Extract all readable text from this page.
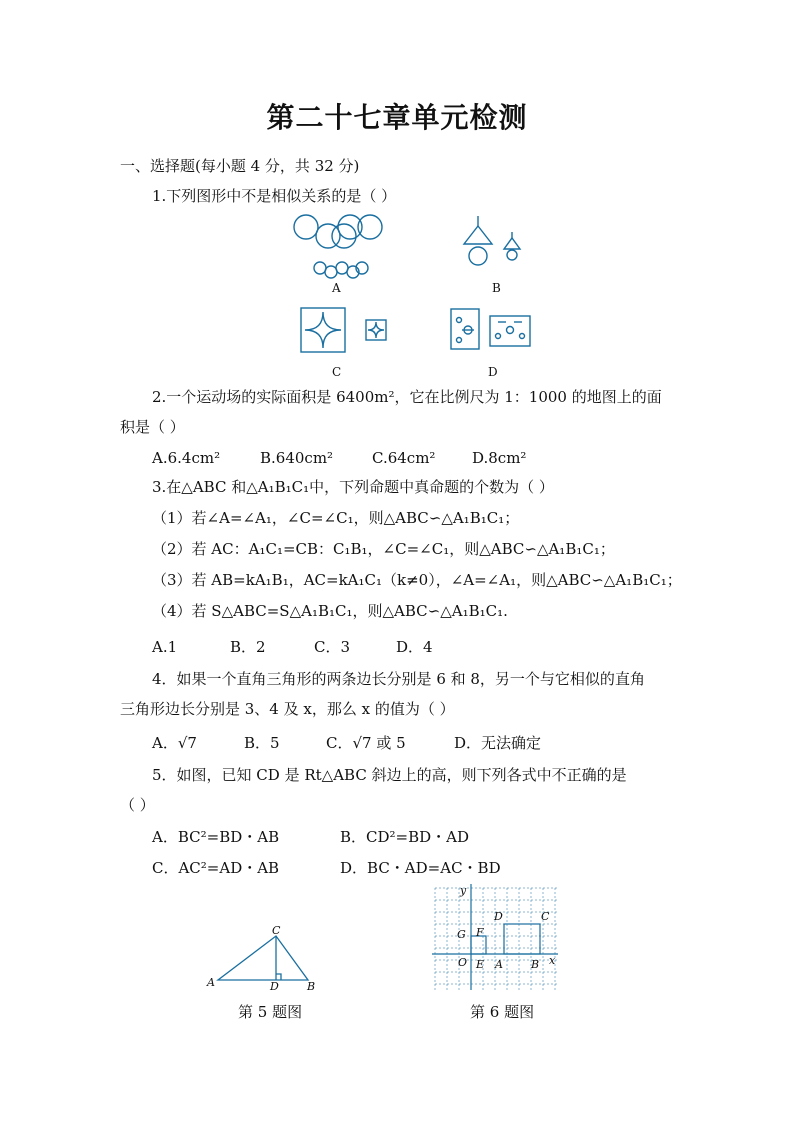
第二十七章单元检测
一、选择题(每小题 4 分，共 32 分)
1.下列图形中不是相似关系的是（ ）
A	B
C	D
2.一个运动场的实际面积是 6400m²，它在比例尺为 1：1000 的地图上的面
积是（ ）
A.6.4cm²	B.640cm²	C.64cm² D.8cm²
3.在△ABC 和△A₁B₁C₁中，下列命题中真命题的个数为（ ）
（1）若∠A=∠A₁，∠C=∠C₁，则△ABC∽△A₁B₁C₁；
（2）若 AC：A₁C₁=CB：C₁B₁，∠C=∠C₁，则△ABC∽△A₁B₁C₁；
（3）若 AB=kA₁B₁，AC=kA₁C₁（k≠0），∠A=∠A₁，则△ABC∽△A₁B₁C₁；
（4）若 S△ABC=S△A₁B₁C₁，则△ABC∽△A₁B₁C₁.
A.1	B．2	C．3	D．4
4．如果一个直角三角形的两条边长分别是 6 和 8，另一个与它相似的直角
三角形边长分别是 3、4 及 x，那么 x 的值为（ ）
A．√7	B．5	C．√7 或 5	D．无法确定
5．如图，已知 CD 是 Rt△ABC 斜边上的高，则下列各式中不正确的是
（ ）
A．BC²=BD・AB	B．CD²=BD・AD
C．AC²=AD・AB	D．BC・AD=AC・BD
C
A	D	B
第 5 题图
y
x
O
D	C
G F
E A	B
第 6 题图
